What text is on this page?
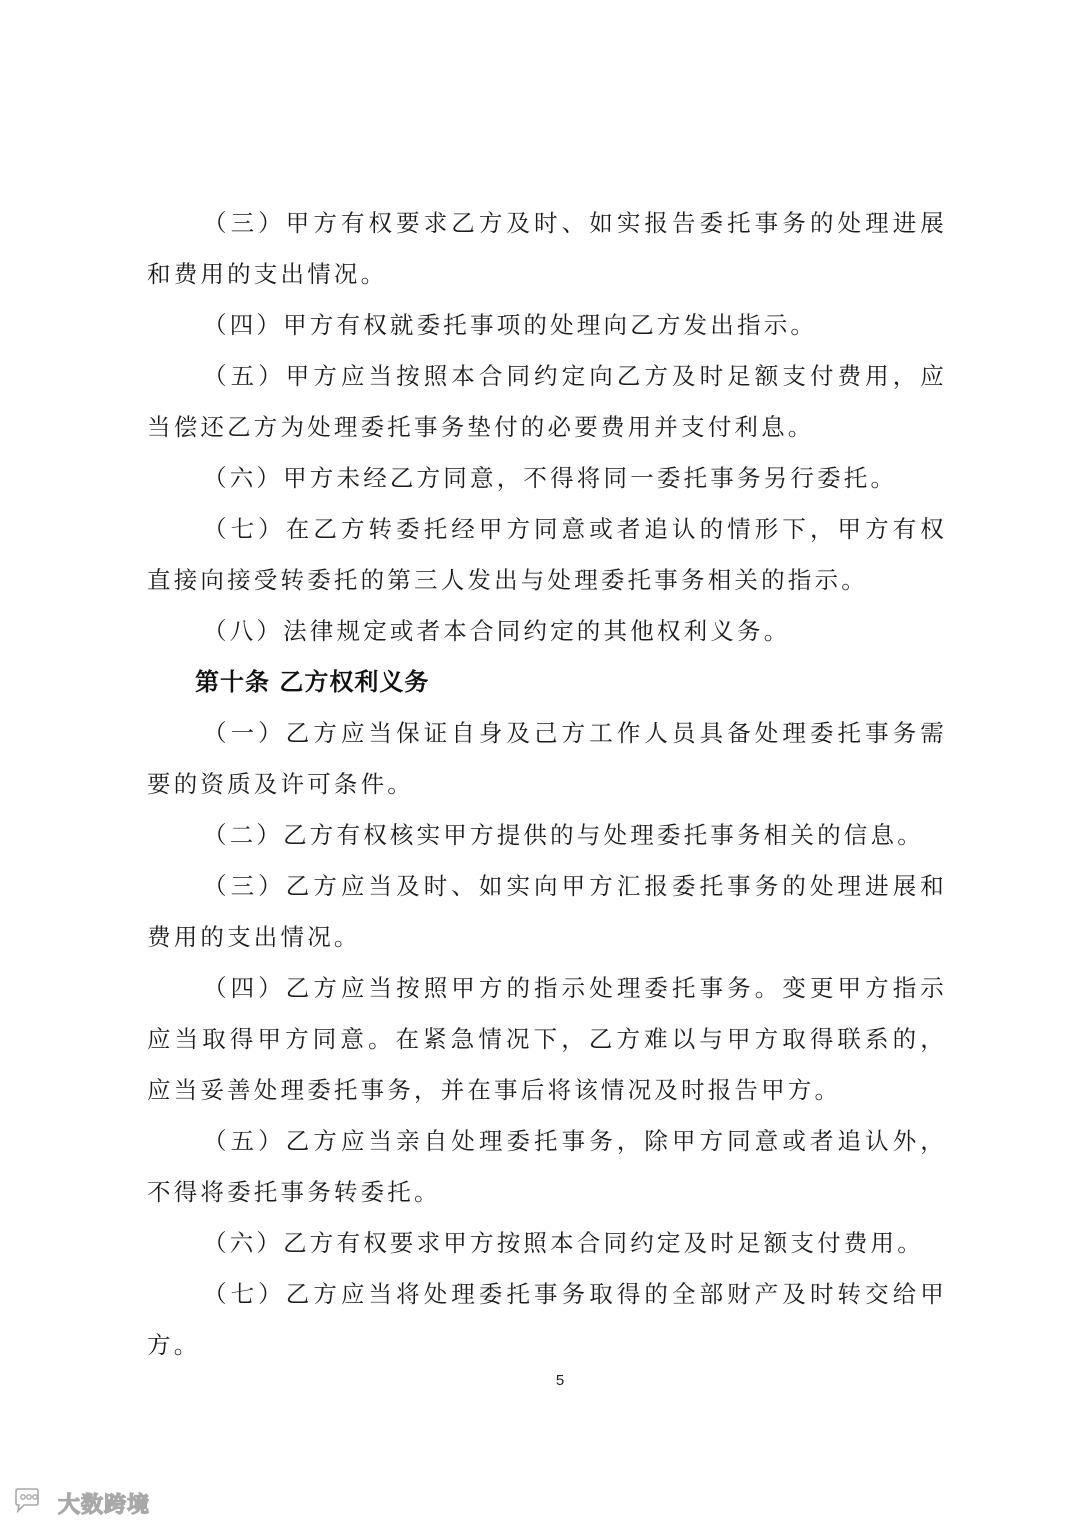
（三）甲方有权要求乙方及时、如实报告委托事务的处理进展和费用的支出情况。

（四）甲方有权就委托事项的处理向乙方发出指示。

（五）甲方应当按照本合同约定向乙方及时足额支付费用，应当偿还乙方为处理委托事务垫付的必要费用并支付利息。

（六）甲方未经乙方同意，不得将同一委托事务另行委托。

（七）在乙方转委托经甲方同意或者追认的情形下，甲方有权直接向接受转委托的第三人发出与处理委托事务相关的指示。

（八）法律规定或者本合同约定的其他权利义务。

第十条 乙方权利义务

（一）乙方应当保证自身及己方工作人员具备处理委托事务需要的资质及许可条件。

（二）乙方有权核实甲方提供的与处理委托事务相关的信息。

（三）乙方应当及时、如实向甲方汇报委托事务的处理进展和费用的支出情况。

（四）乙方应当按照甲方的指示处理委托事务。变更甲方指示应当取得甲方同意。在紧急情况下，乙方难以与甲方取得联系的，应当妥善处理委托事务，并在事后将该情况及时报告甲方。

（五）乙方应当亲自处理委托事务，除甲方同意或者追认外，不得将委托事务转委托。

（六）乙方有权要求甲方按照本合同约定及时足额支付费用。

（七）乙方应当将处理委托事务取得的全部财产及时转交给甲方。

5
大数跨境
